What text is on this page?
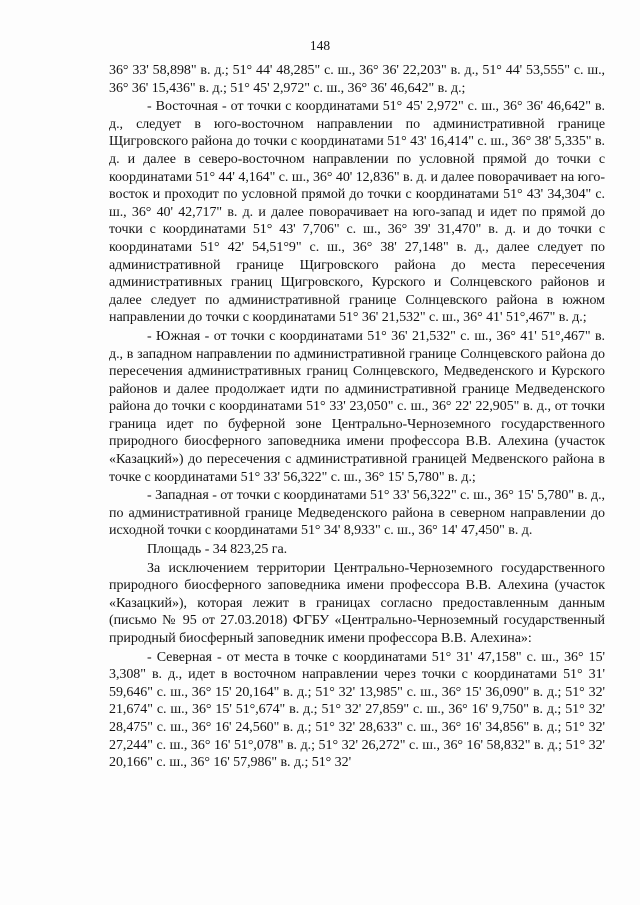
148

36° 33' 58,898" в. д.; 51° 44' 48,285" с. ш., 36° 36' 22,203" в. д., 51° 44' 53,555" с. ш., 36° 36' 15,436" в. д.; 51° 45' 2,972" с. ш., 36° 36' 46,642" в. д.;

- Восточная - от точки с координатами 51° 45' 2,972" с. ш., 36° 36' 46,642" в. д., следует в юго-восточном направлении по административной границе Щигровского района до точки с координатами 51° 43' 16,414" с. ш., 36° 38' 5,335" в. д. и далее в северо-восточном направлении по условной прямой до точки с координатами 51° 44' 4,164" с. ш., 36° 40' 12,836" в. д. и далее поворачивает на юго-восток и проходит по условной прямой до точки с координатами 51° 43' 34,304" с. ш., 36° 40' 42,717" в. д. и далее поворачивает на юго-запад и идет по прямой до точки с координатами 51° 43' 7,706" с. ш., 36° 39' 31,470" в. д. и до точки с координатами 51° 42' 54,51°9" с. ш., 36° 38' 27,148" в. д., далее следует по административной границе Щигровского района до места пересечения административных границ Щигровского, Курского и Солнцевского районов и далее следует по административной границе Солнцевского района в южном направлении до точки с координатами 51° 36' 21,532" с. ш., 36° 41' 51°,467" в. д.;

- Южная - от точки с координатами 51° 36' 21,532" с. ш., 36° 41' 51°,467" в. д., в западном направлении по административной границе Солнцевского района до пересечения административных границ Солнцевского, Медведенского и Курского районов и далее продолжает идти по административной границе Медведенского района до точки с координатами 51° 33' 23,050" с. ш., 36° 22' 22,905" в. д., от точки граница идет по буферной зоне Центрально-Черноземного государственного природного биосферного заповедника имени профессора В.В. Алехина (участок «Казацкий») до пересечения с административной границей Медвенского района в точке с координатами 51° 33' 56,322" с. ш., 36° 15' 5,780" в. д.;

- Западная - от точки с координатами 51° 33' 56,322" с. ш., 36° 15' 5,780" в. д., по административной границе Медведенского района в северном направлении до исходной точки с координатами 51° 34' 8,933" с. ш., 36° 14' 47,450" в. д.

Площадь - 34 823,25 га.

За исключением территории Центрально-Черноземного государственного природного биосферного заповедника имени профессора В.В. Алехина (участок «Казацкий»), которая лежит в границах согласно предоставленным данным (письмо № 95 от 27.03.2018) ФГБУ «Центрально-Черноземный государственный природный биосферный заповедник имени профессора В.В. Алехина»:

- Северная - от места в точке с координатами 51° 31' 47,158" с. ш., 36° 15' 3,308" в. д., идет в восточном направлении через точки с координатами 51° 31' 59,646" с. ш., 36° 15' 20,164" в. д.; 51° 32' 13,985" с. ш., 36° 15' 36,090" в. д.; 51° 32' 21,674" с. ш., 36° 15' 51°,674" в. д.; 51° 32' 27,859" с. ш., 36° 16' 9,750" в. д.; 51° 32' 28,475" с. ш., 36° 16' 24,560" в. д.; 51° 32' 28,633" с. ш., 36° 16' 34,856" в. д.; 51° 32' 27,244" с. ш., 36° 16' 51°,078" в. д.; 51° 32' 26,272" с. ш., 36° 16' 58,832" в. д.; 51° 32' 20,166" с. ш., 36° 16' 57,986" в. д.; 51° 32'
